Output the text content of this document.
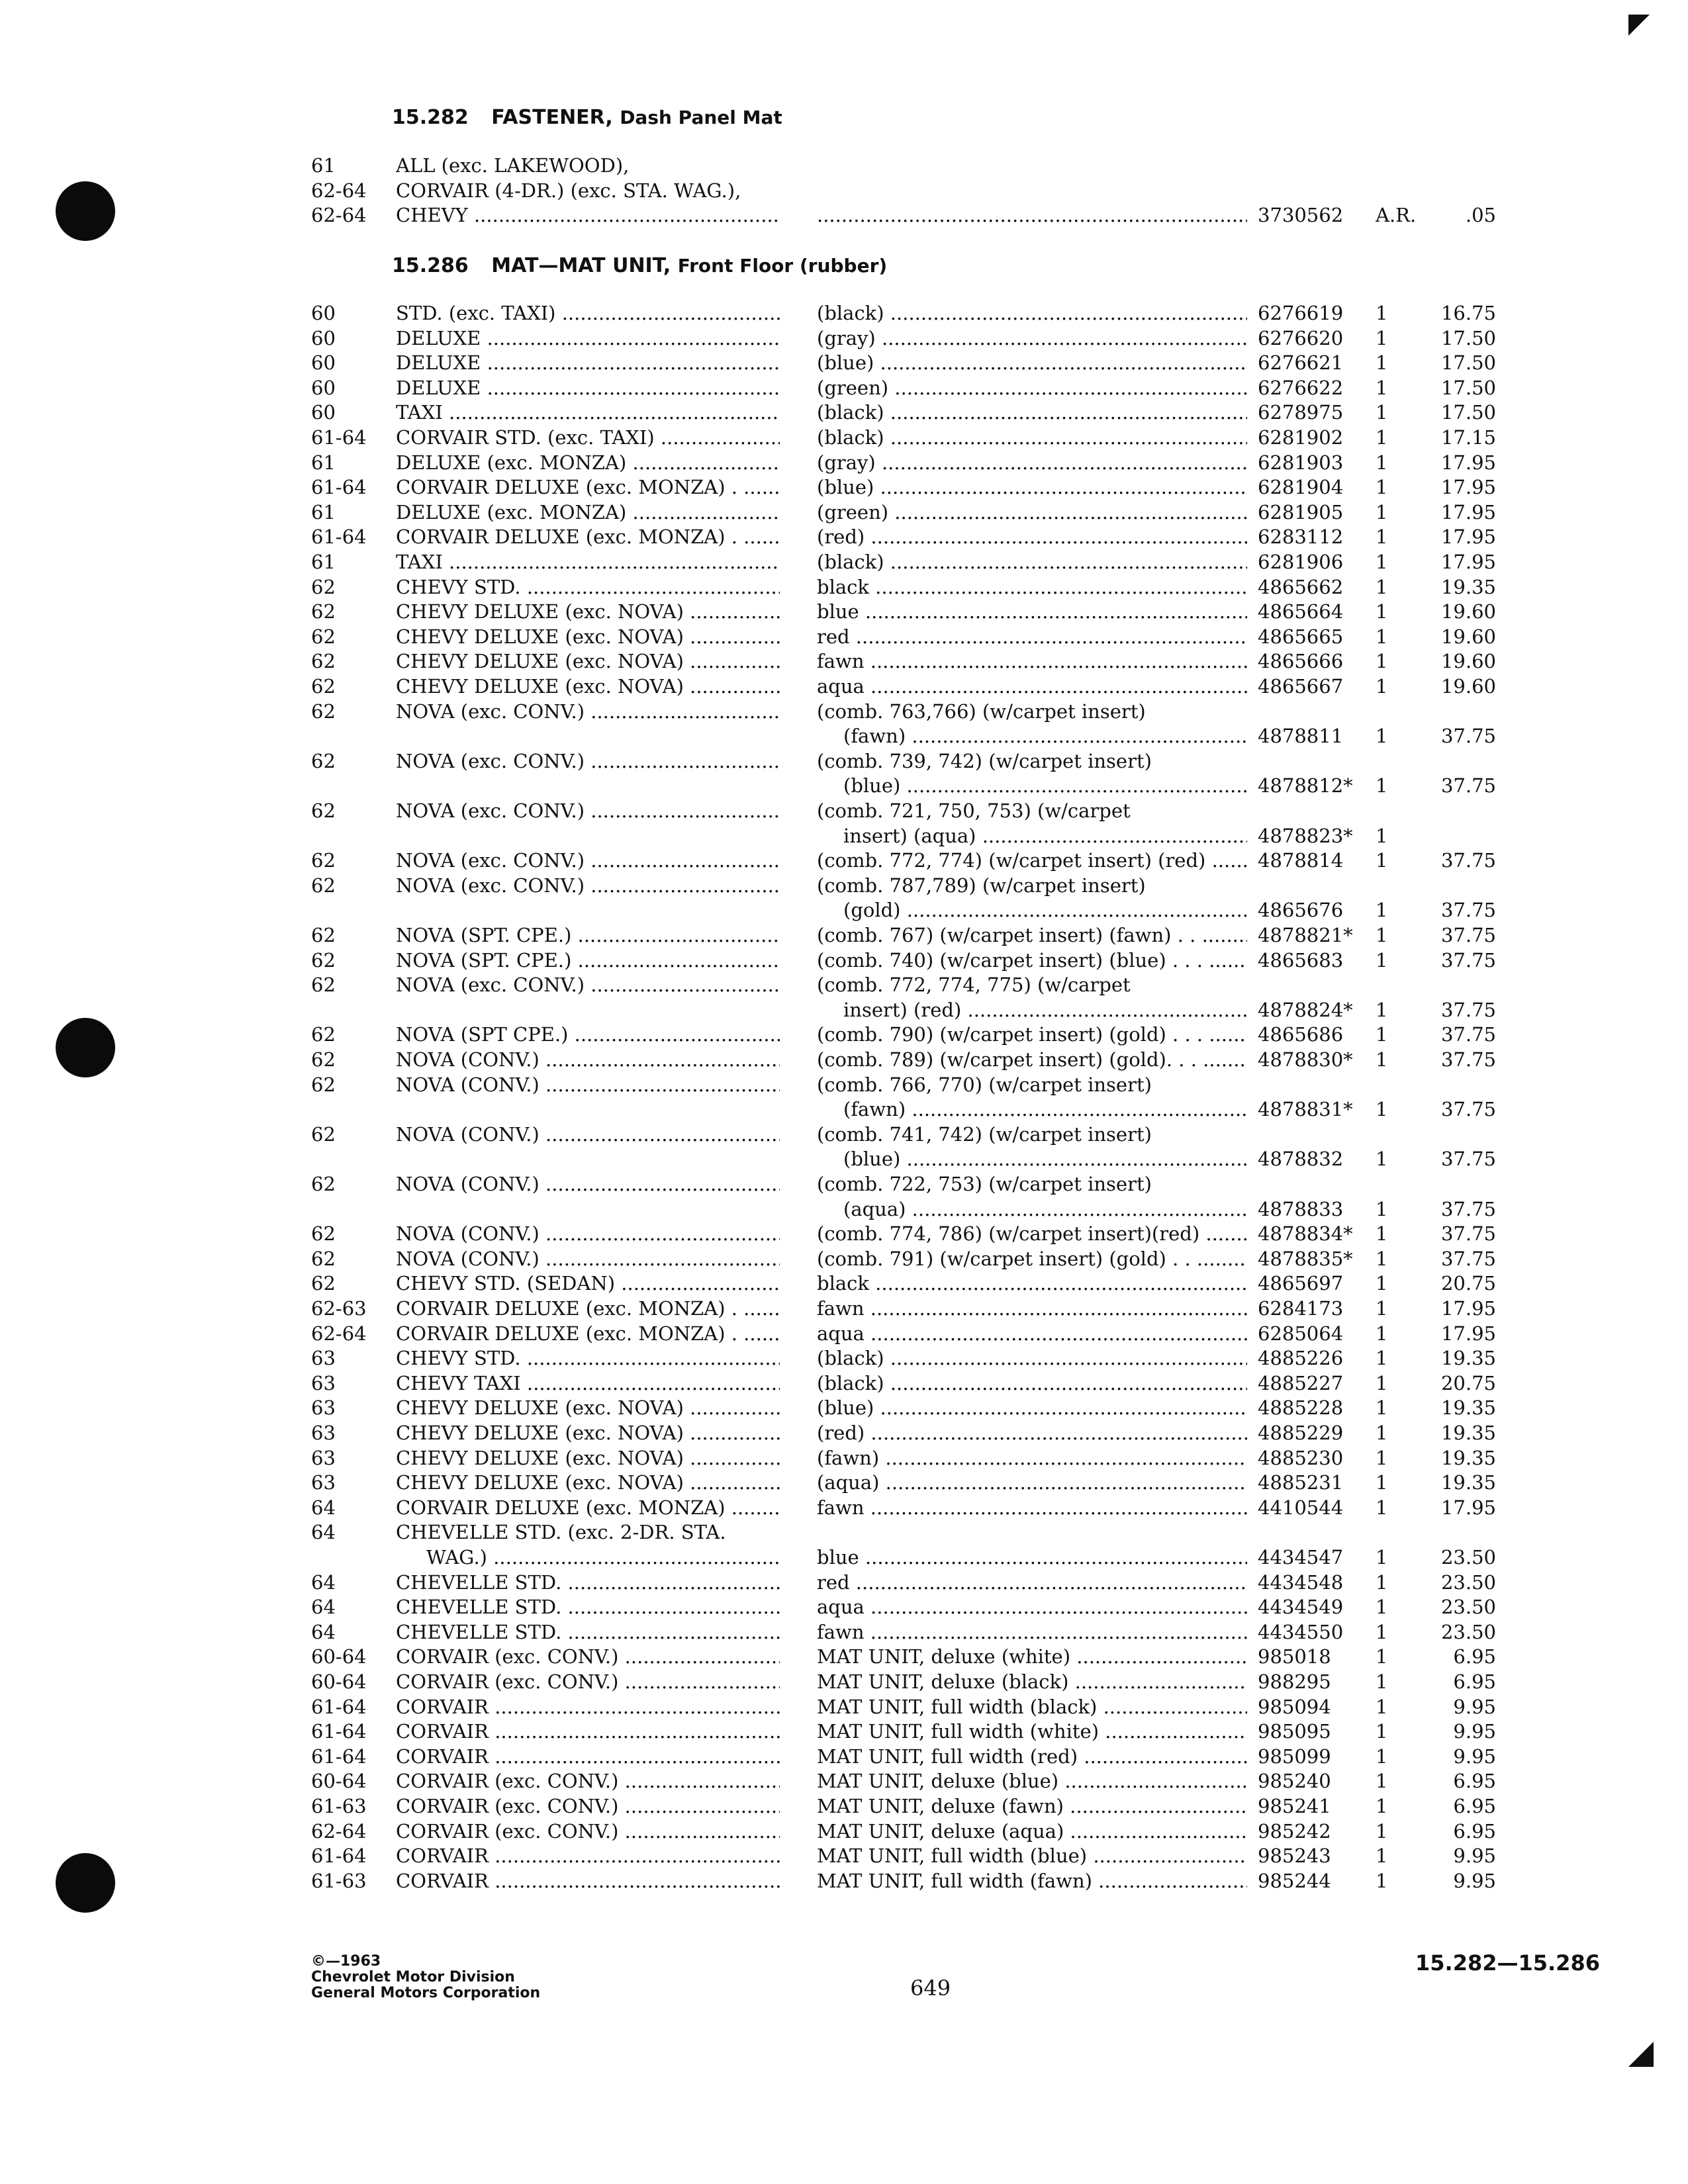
15.282 FASTENER, Dash Panel Mat
15.286 MAT—MAT UNIT, Front Floor (rubber)
61	ALL (exc. LAKEWOOD),
62-64	CORVAIR (4-DR.) (exc. STA. WAG.),
62-64	CHEVY .....
.....	3730562	A.R.	.05
60	STD. (exc. TAXI) .....	(black) .....	6276619	1	16.75
60	DELUXE .....	(gray) .....	6276620	1	17.50
60	DELUXE .....	(blue) .....	6276621	1	17.50
60	DELUXE .....	(green) .....	6276622	1	17.50
60	TAXI .....	(black) .....	6278975	1	17.50
61-64	CORVAIR STD. (exc. TAXI) .....	(black) .....	6281902	1	17.15
61	DELUXE (exc. MONZA) .....	(gray) .....	6281903	1	17.95
61-64	CORVAIR DELUXE (exc. MONZA) . .....	(blue) .....	6281904	1	17.95
61	DELUXE (exc. MONZA) .....	(green) .....	6281905	1	17.95
61-64	CORVAIR DELUXE (exc. MONZA) . .....	(red) .....	6283112	1	17.95
61	TAXI .....	(black) .....	6281906	1	17.95
62	CHEVY STD. .....	black .....	4865662	1	19.35
62	CHEVY DELUXE (exc. NOVA) .....	blue .....	4865664	1	19.60
62	CHEVY DELUXE (exc. NOVA) .....	red .....	4865665	1	19.60
62	CHEVY DELUXE (exc. NOVA) .....	fawn .....	4865666	1	19.60
62	CHEVY DELUXE (exc. NOVA) .....	aqua .....	4865667	1	19.60
62	NOVA (exc. CONV.) .....	(comb. 763,766) (w/carpet insert)
(fawn) .....	4878811	1	37.75
62	NOVA (exc. CONV.) .....	(comb. 739, 742) (w/carpet insert)
(blue) .....	4878812*	1	37.75
62	NOVA (exc. CONV.) .....	(comb. 721, 750, 753) (w/carpet
insert) (aqua) .....	4878823*	1
62	NOVA (exc. CONV.) .....	(comb. 772, 774) (w/carpet insert) (red) .....	4878814	1	37.75
62	NOVA (exc. CONV.) .....	(comb. 787,789) (w/carpet insert)
(gold) .....	4865676	1	37.75
62	NOVA (SPT. CPE.) .....	(comb. 767) (w/carpet insert) (fawn) . . .....	4878821*	1	37.75
62	NOVA (SPT. CPE.) .....	(comb. 740) (w/carpet insert) (blue) . . . .....	4865683	1	37.75
62	NOVA (exc. CONV.) .....	(comb. 772, 774, 775) (w/carpet
insert) (red) .....	4878824*	1	37.75
62	NOVA (SPT CPE.) .....	(comb. 790) (w/carpet insert) (gold) . . . .....	4865686	1	37.75
62	NOVA (CONV.) .....	(comb. 789) (w/carpet insert) (gold). . . .....	4878830*	1	37.75
62	NOVA (CONV.) .....	(comb. 766, 770) (w/carpet insert)
(fawn) .....	4878831*	1	37.75
62	NOVA (CONV.) .....	(comb. 741, 742) (w/carpet insert)
(blue) .....	4878832	1	37.75
62	NOVA (CONV.) .....	(comb. 722, 753) (w/carpet insert)
(aqua) .....	4878833	1	37.75
62	NOVA (CONV.) .....	(comb. 774, 786) (w/carpet insert)(red) .....	4878834*	1	37.75
62	NOVA (CONV.) .....	(comb. 791) (w/carpet insert) (gold) . . .....	4878835*	1	37.75
62	CHEVY STD. (SEDAN) .....	black .....	4865697	1	20.75
62-63	CORVAIR DELUXE (exc. MONZA) . .....	fawn .....	6284173	1	17.95
62-64	CORVAIR DELUXE (exc. MONZA) . .....	aqua .....	6285064	1	17.95
63	CHEVY STD. .....	(black) .....	4885226	1	19.35
63	CHEVY TAXI .....	(black) .....	4885227	1	20.75
63	CHEVY DELUXE (exc. NOVA) .....	(blue) .....	4885228	1	19.35
63	CHEVY DELUXE (exc. NOVA) .....	(red) .....	4885229	1	19.35
63	CHEVY DELUXE (exc. NOVA) .....	(fawn) .....	4885230	1	19.35
63	CHEVY DELUXE (exc. NOVA) .....	(aqua) .....	4885231	1	19.35
64	CORVAIR DELUXE (exc. MONZA) .....	fawn .....	4410544	1	17.95
64	CHEVELLE STD. (exc. 2-DR. STA.
WAG.) .....	blue .....	4434547	1	23.50
64	CHEVELLE STD. .....	red .....	4434548	1	23.50
64	CHEVELLE STD. .....	aqua .....	4434549	1	23.50
64	CHEVELLE STD. .....	fawn .....	4434550	1	23.50
60-64	CORVAIR (exc. CONV.) .....	MAT UNIT, deluxe (white) .....	985018	1	6.95
60-64	CORVAIR (exc. CONV.) .....	MAT UNIT, deluxe (black) .....	988295	1	6.95
61-64	CORVAIR .....	MAT UNIT, full width (black) .....	985094	1	9.95
61-64	CORVAIR .....	MAT UNIT, full width (white) .....	985095	1	9.95
61-64	CORVAIR .....	MAT UNIT, full width (red) .....	985099	1	9.95
60-64	CORVAIR (exc. CONV.) .....	MAT UNIT, deluxe (blue) .....	985240	1	6.95
61-63	CORVAIR (exc. CONV.) .....	MAT UNIT, deluxe (fawn) .....	985241	1	6.95
62-64	CORVAIR (exc. CONV.) .....	MAT UNIT, deluxe (aqua) .....	985242	1	6.95
61-64	CORVAIR .....	MAT UNIT, full width (blue) .....	985243	1	9.95
61-63	CORVAIR .....	MAT UNIT, full width (fawn) .....	985244	1	9.95
©—1963
Chevrolet Motor Division
General Motors Corporation	649
15.282—15.286
